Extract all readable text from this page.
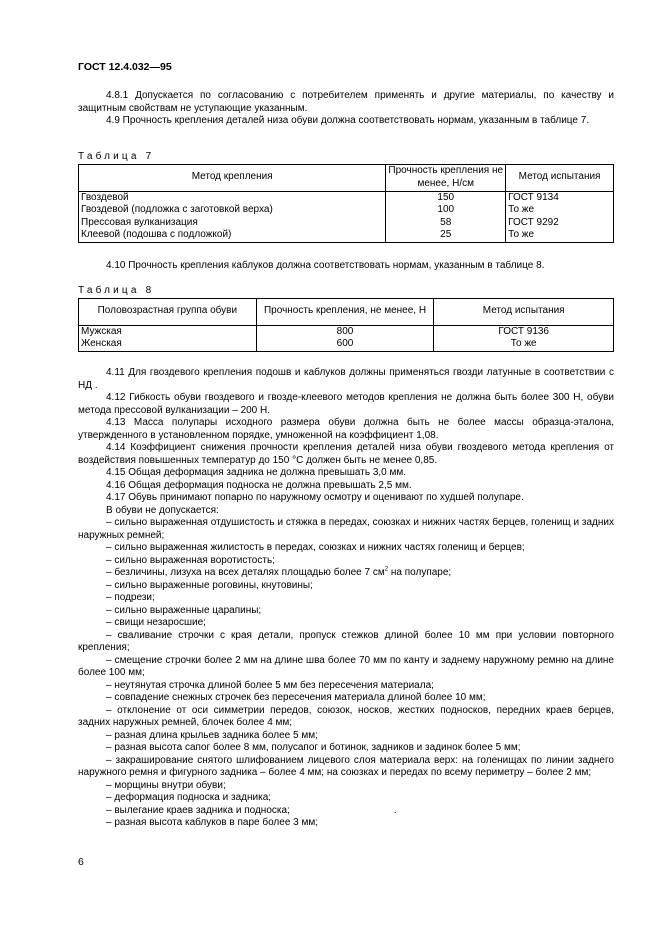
ГОСТ 12.4.032—95

4.8.1 Допускается по согласованию с потребителем применять и другие материалы, по качеству и защитным свойствам не уступающие указанным.

4.9 Прочность крепления деталей низа обуви должна соответствовать нормам, указанным в таблице 7.

Таблица 7

Метод крепления	Прочность крепления не менее, Н/см	Метод испытания
Гвоздевой	150	ГОСТ 9134
Гвоздевой (подложка с заготовкой верха)	100	То же
Прессовая вулканизация	58	ГОСТ 9292
Клеевой (подошва с подложкой)	25	То же

4.10 Прочность крепления каблуков должна соответствовать нормам, указанным в таблице 8.

Таблица 8

Половозрастная группа обуви	Прочность крепления, не менее, Н	Метод испытания
Мужская	800	ГОСТ 9136
Женская	600	То же

4.11 Для гвоздевого крепления подошв и каблуков должны применяться гвозди латунные в соответствии с НД .

4.12 Гибкость обуви гвоздевого и гвоздe-клеевого методов крепления не должна быть более 300 Н, обуви метода прессовой вулканизации – 200 Н.

4.13 Масса полупары исходного размера обуви должна быть не более массы образца-эталона, утвержденного в установленном порядке, умноженной на коэффициент 1,08.

4.14 Коэффициент снижения прочности крепления деталей низа обуви гвоздевого метода крепления от воздействия повышенных температур до 150 °С должен быть не менее 0,85.

4.15 Общая деформация задника не должна превышать 3,0 мм.

4.16 Общая деформация подноска не должна превышать 2,5 мм.

4.17 Обувь принимают попарно по наружному осмотру и оценивают по худшей полупаре.

В обуви не допускается:

– сильно выраженная отдушистость и стяжка в передах, союзках и нижних частях берцев, голенищ и задних наружных ремней;

– сильно выраженная жилистость в передах, союзках и нижних частях голенищ и берцев;

– сильно выраженная воротистость;

– безличины, лизуха на всех деталях площадью более 7 $см^2$ на полупаре;

– сильно выраженные роговины, кнутовины;

– подрези;

– сильно выраженные царапины;

– свищи незаросшие;

– сваливание строчки с края детали, пропуск стежков длиной более 10 мм при условии повторного крепления;

– смещение строчки более 2 мм на длине шва более 70 мм по канту и заднему наружному ремню на длине более 100 мм;

– неутянутая строчка длиной более 5 мм без пересечения материала;

– совпадение снежных строчек без пересечения материала длиной более 10 мм;

– отклонение от оси симметрии передов, союзок, носков, жестких подносков, передних краев берцев, задних наружных ремней, блочек более 4 мм;

– разная длина крыльев задника более 5 мм;

– разная высота сапог более 8 мм, полусапог и ботинок, задников и задинок более 5 мм;

– закраширование снятого шлифованием лицевого слоя материала верх: на голенищах по линии заднего наружного ремня и фигурного задника – более 4 мм; на союзках и передах по всему периметру – более 2 мм;

– морщины внутри обуви;

– деформация подноска и задника;

– вылегание краев задника и подноска;	.

– разная высота каблуков в паре более 3 мм;

6
